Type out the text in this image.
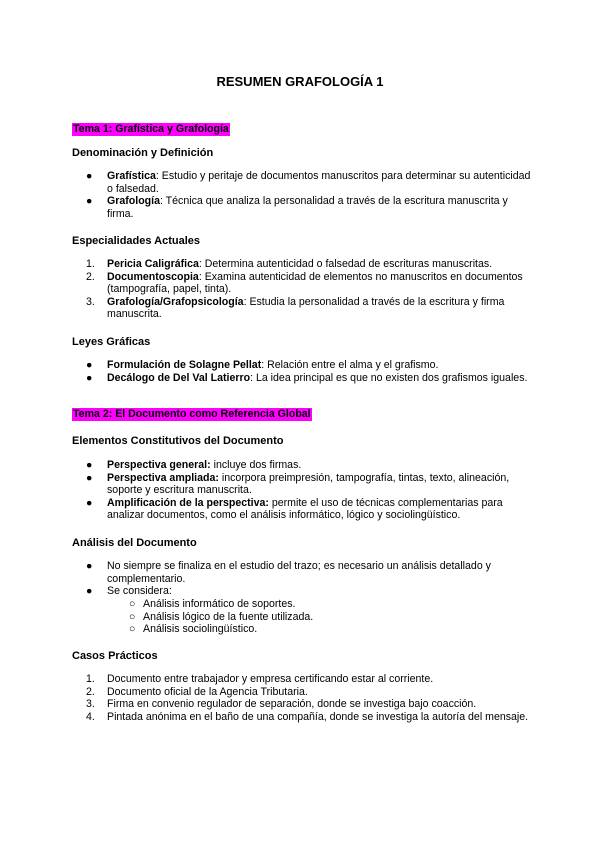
RESUMEN GRAFOLOGÍA 1
Tema 1: Grafística y Grafología
Denominación y Definición
● Grafística: Estudio y peritaje de documentos manuscritos para determinar su autenticidad o falsedad.
● Grafología: Técnica que analiza la personalidad a través de la escritura manuscrita y firma.
Especialidades Actuales
1. Pericia Caligráfica: Determina autenticidad o falsedad de escrituras manuscritas.
2. Documentoscopia: Examina autenticidad de elementos no manuscritos en documentos (tampografía, papel, tinta).
3. Grafología/Grafopsicología: Estudia la personalidad a través de la escritura y firma manuscrita.
Leyes Gráficas
● Formulación de Solagne Pellat: Relación entre el alma y el grafismo.
● Decálogo de Del Val Latierro: La idea principal es que no existen dos grafismos iguales.
Tema 2: El Documento como Referencia Global
Elementos Constitutivos del Documento
● Perspectiva general: incluye dos firmas.
● Perspectiva ampliada: incorpora preimpresión, tampografía, tintas, texto, alineación, soporte y escritura manuscrita.
● Amplificación de la perspectiva: permite el uso de técnicas complementarias para analizar documentos, como el análisis informático, lógico y sociolingüístico.
Análisis del Documento
● No siempre se finaliza en el estudio del trazo; es necesario un análisis detallado y complementario.
● Se considera:
○ Análisis informático de soportes.
○ Análisis lógico de la fuente utilizada.
○ Análisis sociolingüístico.
Casos Prácticos
1. Documento entre trabajador y empresa certificando estar al corriente.
2. Documento oficial de la Agencia Tributaria.
3. Firma en convenio regulador de separación, donde se investiga bajo coacción.
4. Pintada anónima en el baño de una compañía, donde se investiga la autoría del mensaje.
